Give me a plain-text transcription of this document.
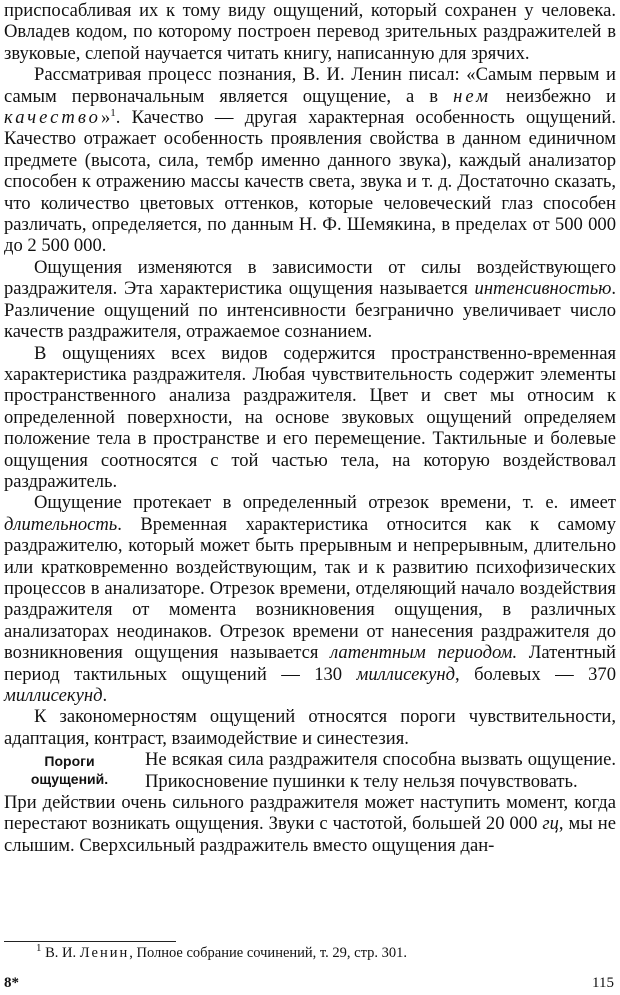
приспосабливая их к тому виду ощущений, который сохранен у человека. Овладев кодом, по которому построен перевод зрительных раздражителей в звуковые, слепой научается читать книгу, написанную для зрячих.

Рассматривая процесс познания, В. И. Ленин писал: «Самым первым и самым первоначальным является ощущение, а в нем неизбежно и качество»$^1$. Качество — другая характерная особенность ощущений. Качество отражает особенность проявления свойства в данном единичном предмете (высота, сила, тембр именно данного звука), каждый анализатор способен к отражению массы качеств света, звука и т. д. Достаточно сказать, что количество цветовых оттенков, которые человеческий глаз способен различать, определяется, по данным Н. Ф. Шемякина, в пределах от 500 000 до 2 500 000.

Ощущения изменяются в зависимости от силы воздействующего раздражителя. Эта характеристика ощущения называется интенсивностью. Различение ощущений по интенсивности безгранично увеличивает число качеств раздражителя, отражаемое сознанием.

В ощущениях всех видов содержится пространственно-временная характеристика раздражителя. Любая чувствительность содержит элементы пространственного анализа раздражителя. Цвет и свет мы относим к определенной поверхности, на основе звуковых ощущений определяем положение тела в пространстве и его перемещение. Тактильные и болевые ощущения соотносятся с той частью тела, на которую воздействовал раздражитель.

Ощущение протекает в определенный отрезок времени, т. е. имеет длительность. Временная характеристика относится как к самому раздражителю, который может быть прерывным и непрерывным, длительно или кратковременно воздействующим, так и к развитию психофизических процессов в анализаторе. Отрезок времени, отделяющий начало воздействия раздражителя от момента возникновения ощущения, в различных анализаторах неодинаков. Отрезок времени от нанесения раздражителя до возникновения ощущения называется латентным периодом. Латентный период тактильных ощущений — 130 миллисекунд, болевых — 370 миллисекунд.

К закономерностям ощущений относятся пороги чувствительности, адаптация, контраст, взаимодействие и синестезия.

Пороги ощущений.

Не всякая сила раздражителя способна вызвать ощущение. Прикосновение пушинки к телу нельзя почувствовать.

При действии очень сильного раздражителя может наступить момент, когда перестают возникать ощущения. Звуки с частотой, большей 20 000 гц, мы не слышим. Сверхсильный раздражитель вместо ощущения дан-

$^1$ В. И. Ленин, Полное собрание сочинений, т. 29, стр. 301.
8*	115
